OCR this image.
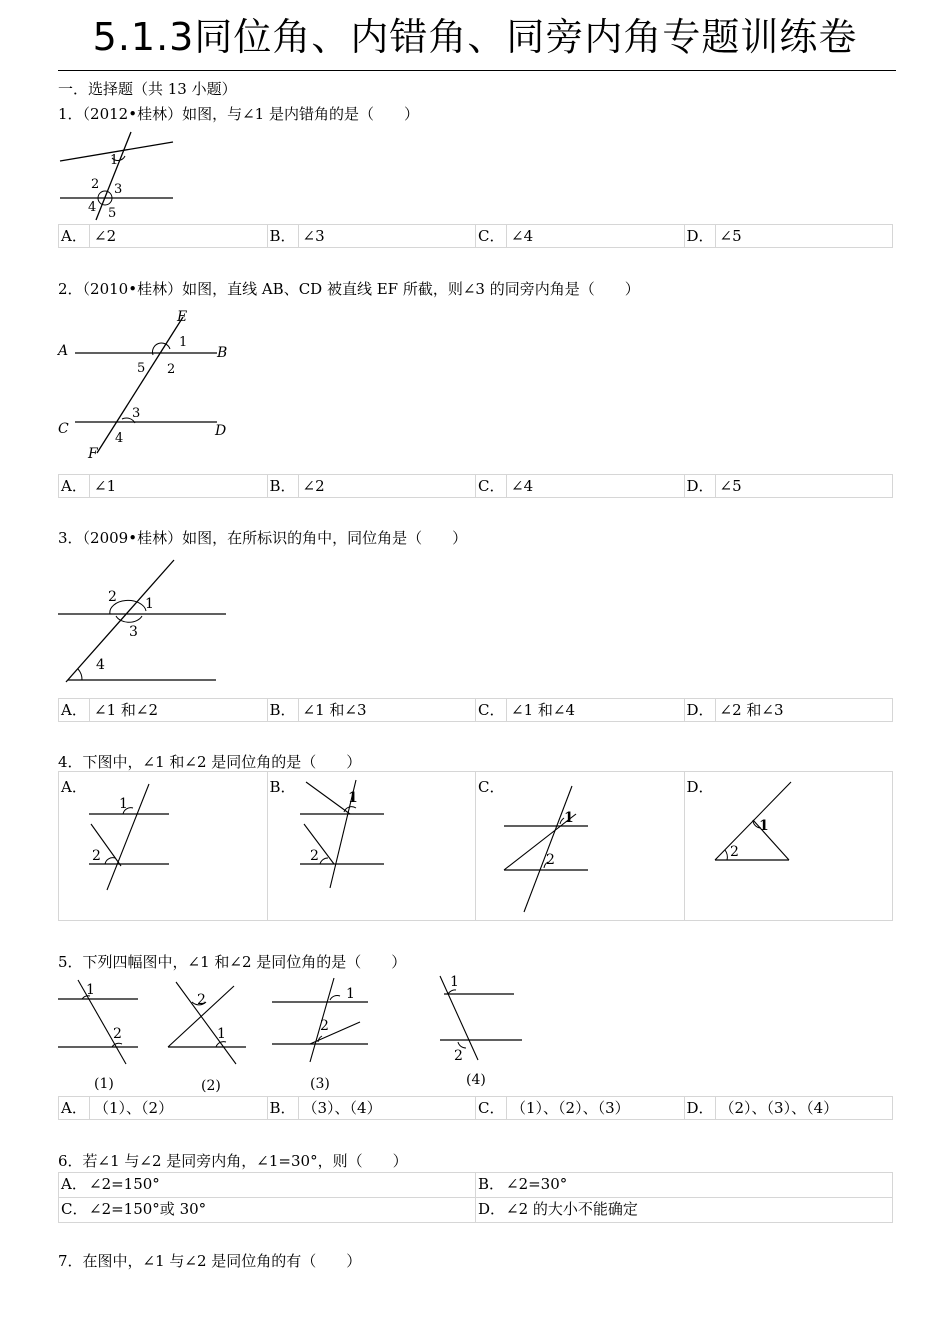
5.1.3同位角、内错角、同旁内角专题训练卷
一．选择题（共 13 小题）
1．（2012•桂林）如图，与∠1 是内错角的是（　　）
1
2 3
4 5
A． ∠2	B． ∠3	C． ∠4	D． ∠5
2．（2010•桂林）如图，直线 AB、CD 被直线 EF 所截，则∠3 的同旁内角是（　　）
E
A	B
1
5 2
3
C	D
4
F
A． ∠1	B． ∠2	C． ∠4	D． ∠5
3．（2009•桂林）如图，在所标识的角中，同位角是（　　）
2 1
3
4
A． ∠1 和∠2	B． ∠1 和∠3	C． ∠1 和∠4	D． ∠2 和∠3
4．下图中，∠1 和∠2 是同位角的是（　　）
A．
1
2
B．
1
2
C．
1
2
D．
1
2
5．下列四幅图中，∠1 和∠2 是同位角的是（　　）
1
2
(1)
2
1
(2)
1
2
(3)
1
2
(4)
A． （1）、（2）	B． （3）、（4）	C． （1）、（2）、（3）	D． （2）、（3）、（4）
6．若∠1 与∠2 是同旁内角，∠1=30°，则（　　）
A． ∠2=150°	B． ∠2=30°
C． ∠2=150°或 30°	D． ∠2 的大小不能确定
7．在图中，∠1 与∠2 是同位角的有（　　）
